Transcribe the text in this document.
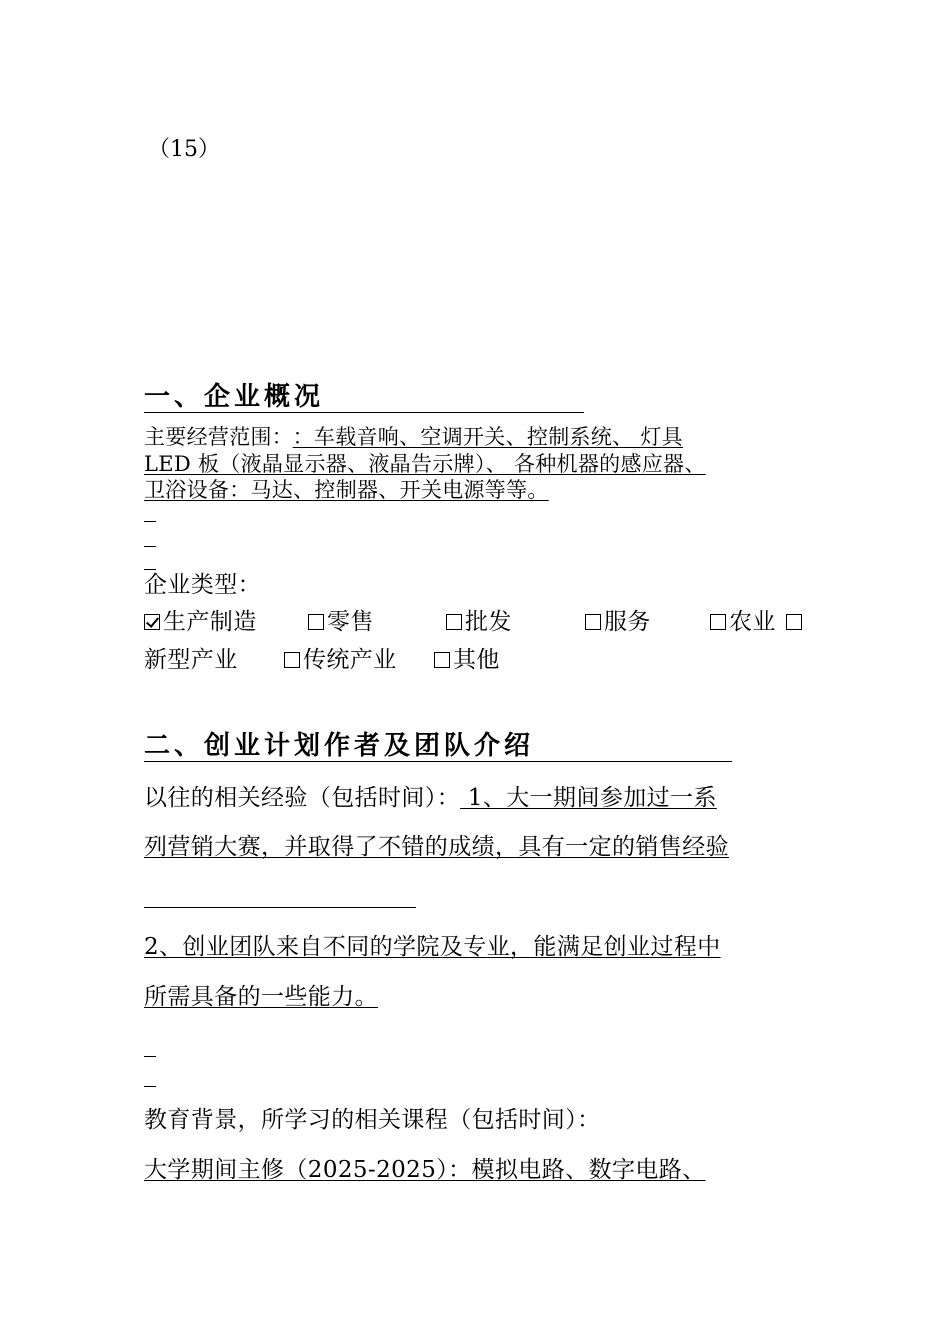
（15）
一、企业概况
主要经营范围： ：车载音响、空调开关、控制系统、 灯具
LED 板（液晶显示器、液晶告示牌）、 各种机器的感应器、
卫浴设备：马达、控制器、开关电源等等。
企业类型：
生产制造	零售	批发	服务	农业
新型产业	传统产业	其他
二、创业计划作者及团队介绍
以往的相关经验（包括时间）： 1、大一期间参加过一系
列营销大赛，并取得了不错的成绩，具有一定的销售经验
2、创业团队来自不同的学院及专业，能满足创业过程中
所需具备的一些能力。
教育背景，所学习的相关课程（包括时间）：
大学期间主修（2025-2025）：模拟电路、数字电路、
